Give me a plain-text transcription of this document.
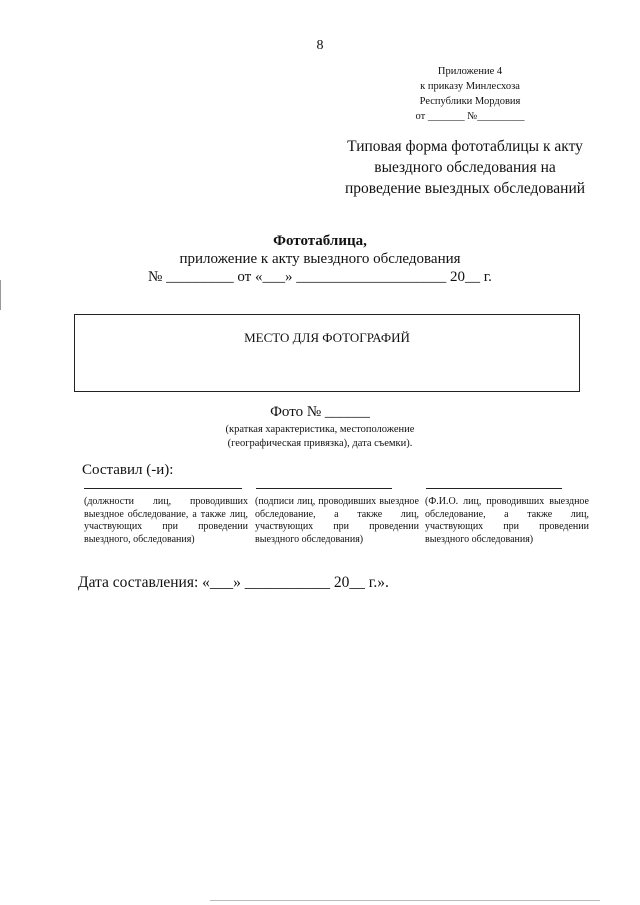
8
Приложение 4
к приказу Минлесхоза
Республики Мордовия
от _______ №_________
Типовая форма фототаблицы к акту
выездного обследования на
проведение выездных обследований
Фототаблица,
приложение к акту выездного обследования
№ _________ от «___» ____________________ 20__ г.
МЕСТО ДЛЯ ФОТОГРАФИЙ
Фото № ______
(краткая характеристика, местоположение
(географическая привязка), дата съемки).
Составил (-и):
(должности лиц, проводивших выездное обследование, а также лиц, участвующих при проведении выездного, обследования)
(подписи лиц, проводивших выездное обследование, а также лиц, участвующих при проведении выездного обследования)
(Ф.И.О. лиц, проводивших выездное обследование, а также лиц, участвующих при проведении выездного обследования)
Дата составления: «___» ___________ 20__ г.».
